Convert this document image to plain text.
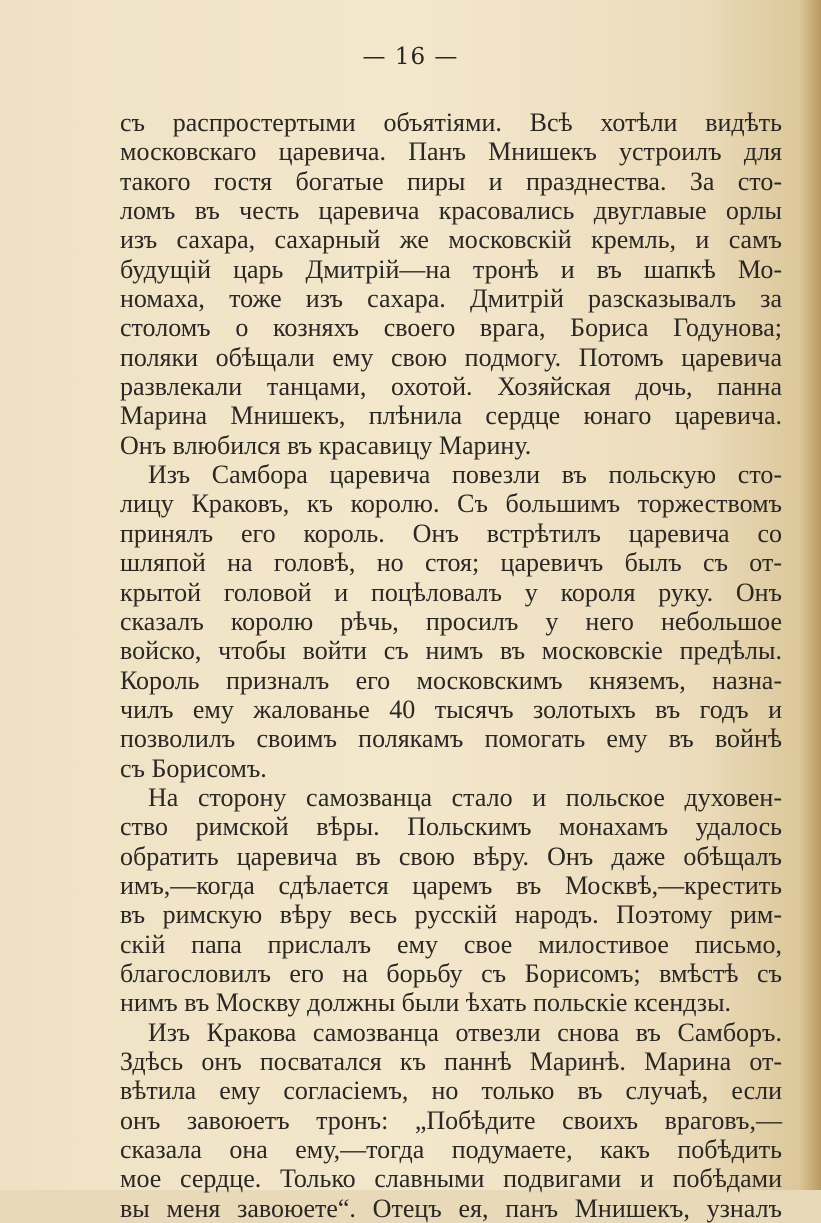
— 16 —
съ распростертыми объятіями. Всѣ хотѣли видѣть
московскаго царевича. Панъ Мнишекъ устроилъ для
такого гостя богатые пиры и празднества. За сто-
ломъ въ честь царевича красовались двуглавые орлы
изъ сахара, сахарный же московскій кремль, и самъ
будущій царь Дмитрій—на тронѣ и въ шапкѣ Мо-
номаха, тоже изъ сахара. Дмитрій разсказывалъ за
столомъ о козняхъ своего врага, Бориса Годунова;
поляки обѣщали ему свою подмогу. Потомъ царевича
развлекали танцами, охотой. Хозяйская дочь, панна
Марина Мнишекъ, плѣнила сердце юнаго царевича.
Онъ влюбился въ красавицу Марину.
Изъ Самбора царевича повезли въ польскую сто-
лицу Краковъ, къ королю. Съ большимъ торжествомъ
принялъ его король. Онъ встрѣтилъ царевича со
шляпой на головѣ, но стоя; царевичъ былъ съ от-
крытой головой и поцѣловалъ у короля руку. Онъ
сказалъ королю рѣчь, просилъ у него небольшое
войско, чтобы войти съ нимъ въ московскіе предѣлы.
Король призналъ его московскимъ княземъ, назна-
чилъ ему жалованье 40 тысячъ золотыхъ въ годъ и
позволилъ своимъ полякамъ помогать ему въ войнѣ
съ Борисомъ.
На сторону самозванца стало и польское духовен-
ство римской вѣры. Польскимъ монахамъ удалось
обратить царевича въ свою вѣру. Онъ даже обѣщалъ
имъ,—когда сдѣлается царемъ въ Москвѣ,—крестить
въ римскую вѣру весь русскій народъ. Поэтому рим-
скій папа прислалъ ему свое милостивое письмо,
благословилъ его на борьбу съ Борисомъ; вмѣстѣ съ
нимъ въ Москву должны были ѣхать польскіе ксендзы.
Изъ Кракова самозванца отвезли снова въ Самборъ.
Здѣсь онъ посватался къ паннѣ Маринѣ. Марина от-
вѣтила ему согласіемъ, но только въ случаѣ, если
онъ завоюетъ тронъ: „Побѣдите своихъ враговъ,—
сказала она ему,—тогда подумаете, какъ побѣдить
мое сердце. Только славными подвигами и побѣдами
вы меня завоюете“. Отецъ ея, панъ Мнишекъ, узналъ
